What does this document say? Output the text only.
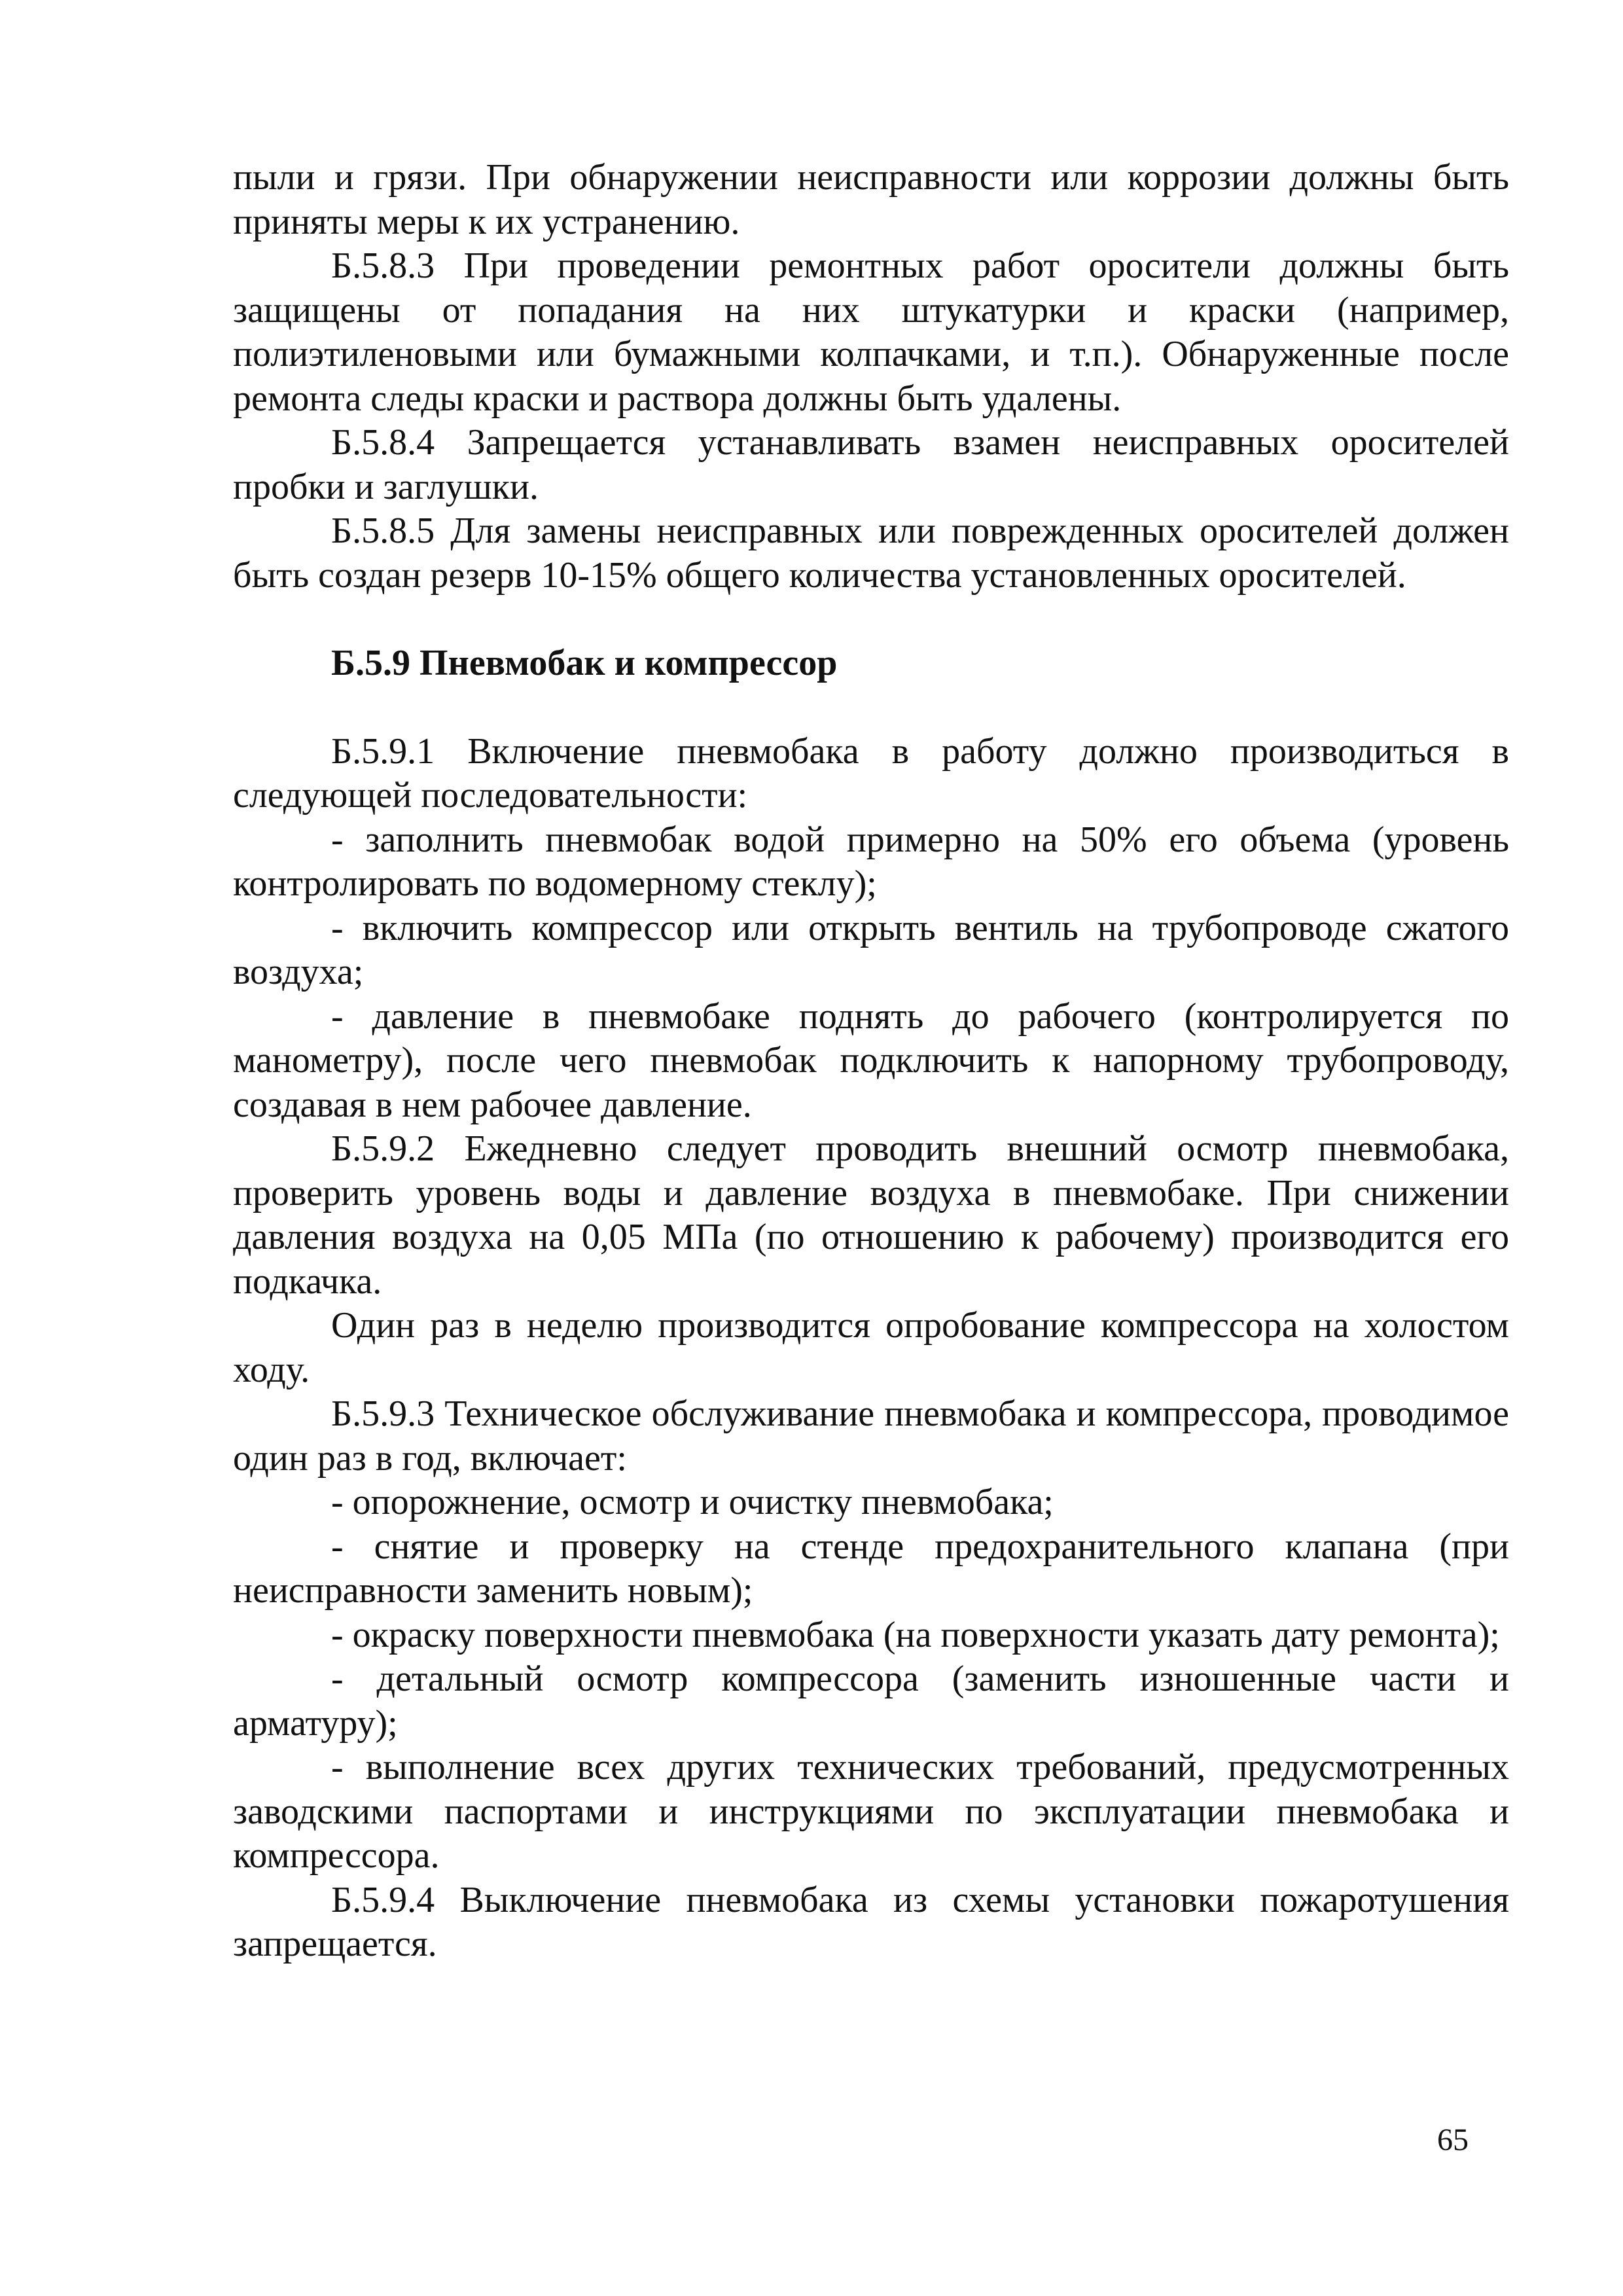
пыли и грязи. При обнаружении неисправности или коррозии должны быть приняты меры к их устранению.

Б.5.8.3 При проведении ремонтных работ оросители должны быть защищены от попадания на них штукатурки и краски (например, полиэтиленовыми или бумажными колпачками, и т.п.). Обнаруженные после ремонта следы краски и раствора должны быть удалены.

Б.5.8.4 Запрещается устанавливать взамен неисправных оросителей пробки и заглушки.

Б.5.8.5 Для замены неисправных или поврежденных оросителей должен быть создан резерв 10-15% общего количества установленных оросителей.

Б.5.9 Пневмобак и компрессор

Б.5.9.1 Включение пневмобака в работу должно производиться в следующей последовательности:

- заполнить пневмобак водой примерно на 50% его объема (уровень контролировать по водомерному стеклу);

- включить компрессор или открыть вентиль на трубопроводе сжатого воздуха;

- давление в пневмобаке поднять до рабочего (контролируется по манометру), после чего пневмобак подключить к напорному трубопроводу, создавая в нем рабочее давление.

Б.5.9.2 Ежедневно следует проводить внешний осмотр пневмобака, проверить уровень воды и давление воздуха в пневмобаке. При снижении давления воздуха на 0,05 МПа (по отношению к рабочему) производится его подкачка.

Один раз в неделю производится опробование компрессора на холостом ходу.

Б.5.9.3 Техническое обслуживание пневмобака и компрессора, проводимое один раз в год, включает:

- опорожнение, осмотр и очистку пневмобака;

- снятие и проверку на стенде предохранительного клапана (при неисправности заменить новым);

- окраску поверхности пневмобака (на поверхности указать дату ремонта);

- детальный осмотр компрессора (заменить изношенные части и арматуру);

- выполнение всех других технических требований, предусмотренных заводскими паспортами и инструкциями по эксплуатации пневмобака и компрессора.

Б.5.9.4 Выключение пневмобака из схемы установки пожаротушения запрещается.

65
